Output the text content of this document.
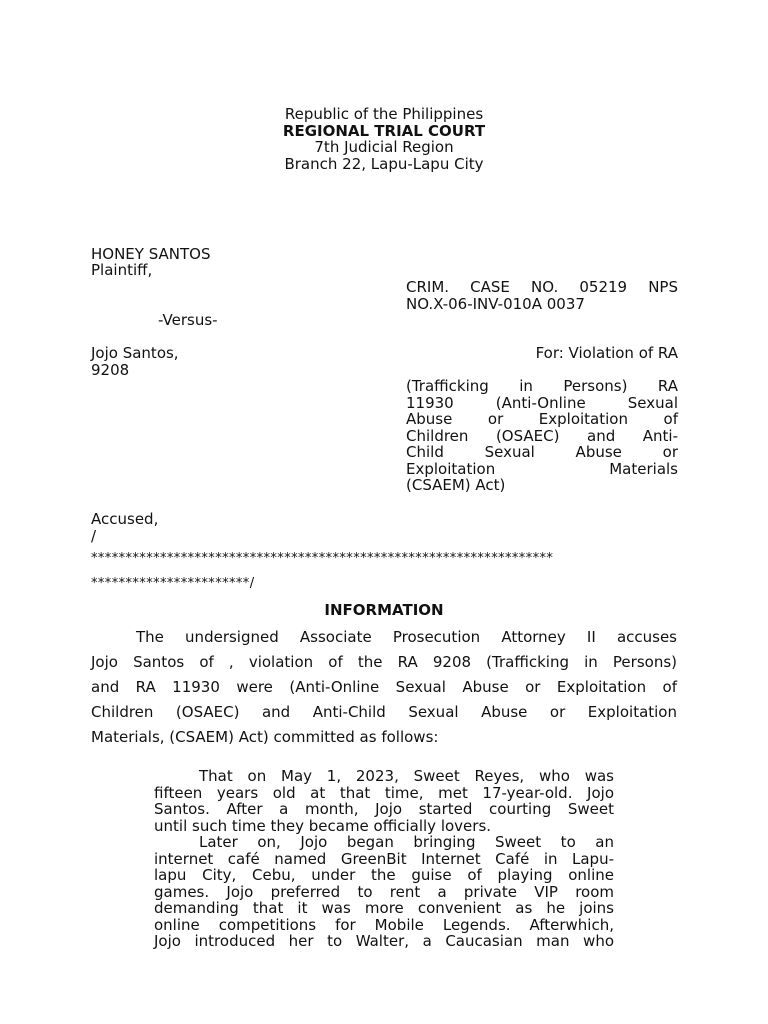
Republic of the Philippines
REGIONAL TRIAL COURT
7th Judicial Region
Branch 22, Lapu-Lapu City
HONEY SANTOS
Plaintiff,
-Versus-
Jojo Santos,
9208
Accused,
/
CRIM. CASE NO. 05219 NPS
NO.X-06-INV-010A 0037
For: Violation of RA
(Trafficking in Persons) RA
11930 (Anti-Online Sexual
Abuse or Exploitation of
Children (OSAEC) and Anti-
Child Sexual Abuse or
Exploitation Materials
(CSAEM) Act)
*******************************************************************
***********************/
INFORMATION
The undersigned Associate Prosecution Attorney II accuses
Jojo Santos of , violation of the RA 9208 (Trafficking in Persons)
and RA 11930 were (Anti-Online Sexual Abuse or Exploitation of
Children (OSAEC) and Anti-Child Sexual Abuse or Exploitation
Materials, (CSAEM) Act) committed as follows:
That on May 1, 2023, Sweet Reyes, who was
fifteen years old at that time, met 17-year-old. Jojo
Santos. After a month, Jojo started courting Sweet
until such time they became officially lovers.
Later on, Jojo began bringing Sweet to an
internet café named GreenBit Internet Café in Lapu-
lapu City, Cebu, under the guise of playing online
games. Jojo preferred to rent a private VIP room
demanding that it was more convenient as he joins
online competitions for Mobile Legends. Afterwhich,
Jojo introduced her to Walter, a Caucasian man who
